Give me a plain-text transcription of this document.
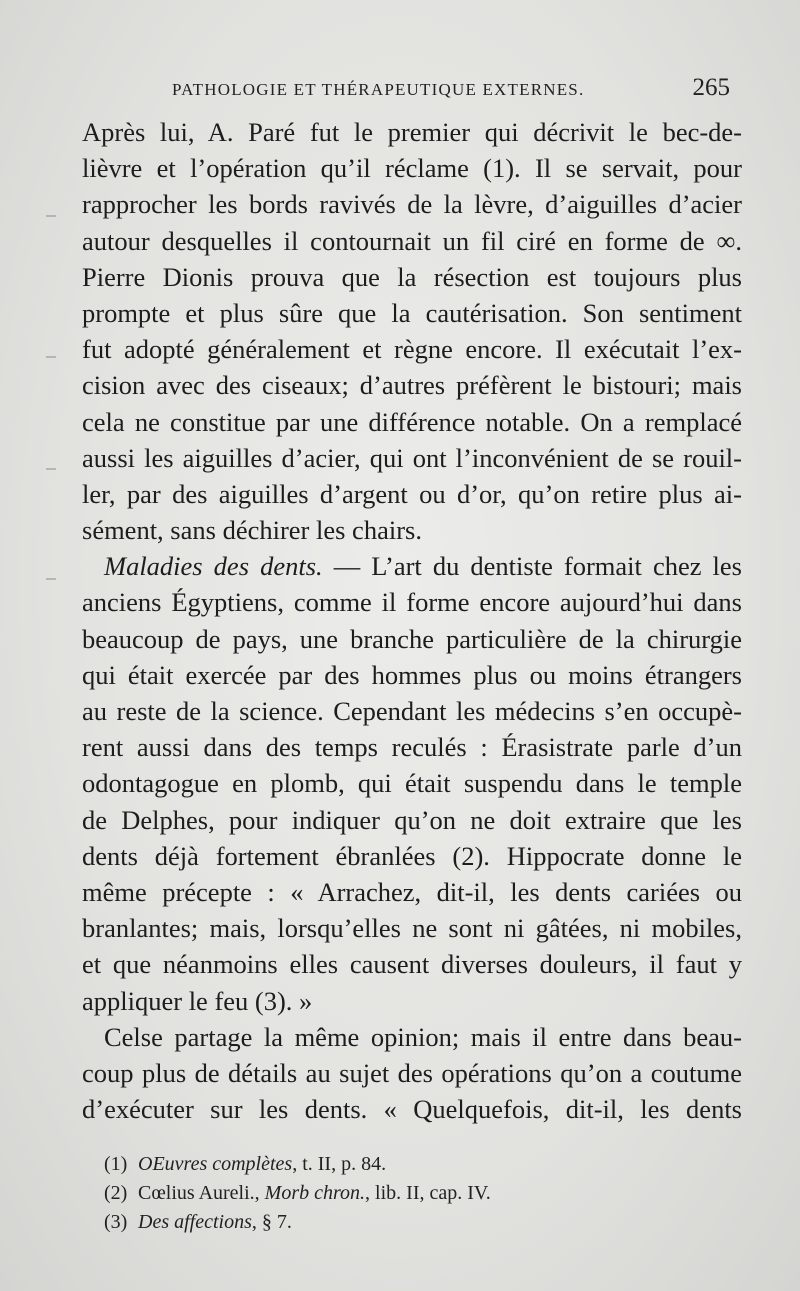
PATHOLOGIE ET THÉRAPEUTIQUE EXTERNES.	265
Après lui, A. Paré fut le premier qui décrivit le bec-de-
lièvre et l’opération qu’il réclame (1). Il se servait, pour
rapprocher les bords ravivés de la lèvre, d’aiguilles d’acier
autour desquelles il contournait un fil ciré en forme de ∞.
Pierre Dionis prouva que la résection est toujours plus
prompte et plus sûre que la cautérisation. Son sentiment
fut adopté généralement et règne encore. Il exécutait l’ex-
cision avec des ciseaux; d’autres préfèrent le bistouri; mais
cela ne constitue par une différence notable. On a remplacé
aussi les aiguilles d’acier, qui ont l’inconvénient de se rouil-
ler, par des aiguilles d’argent ou d’or, qu’on retire plus ai-
sément, sans déchirer les chairs.
Maladies des dents. — L’art du dentiste formait chez les
anciens Égyptiens, comme il forme encore aujourd’hui dans
beaucoup de pays, une branche particulière de la chirurgie
qui était exercée par des hommes plus ou moins étrangers
au reste de la science. Cependant les médecins s’en occupè-
rent aussi dans des temps reculés : Érasistrate parle d’un
odontagogue en plomb, qui était suspendu dans le temple
de Delphes, pour indiquer qu’on ne doit extraire que les
dents déjà fortement ébranlées (2). Hippocrate donne le
même précepte : « Arrachez, dit-il, les dents cariées ou
branlantes; mais, lorsqu’elles ne sont ni gâtées, ni mobiles,
et que néanmoins elles causent diverses douleurs, il faut y
appliquer le feu (3). »
Celse partage la même opinion; mais il entre dans beau-
coup plus de détails au sujet des opérations qu’on a coutume
d’exécuter sur les dents. « Quelquefois, dit-il, les dents
(1) OEuvres complètes, t. II, p. 84.
(2) Cœlius Aureli., Morb chron., lib. II, cap. IV.
(3) Des affections, § 7.
